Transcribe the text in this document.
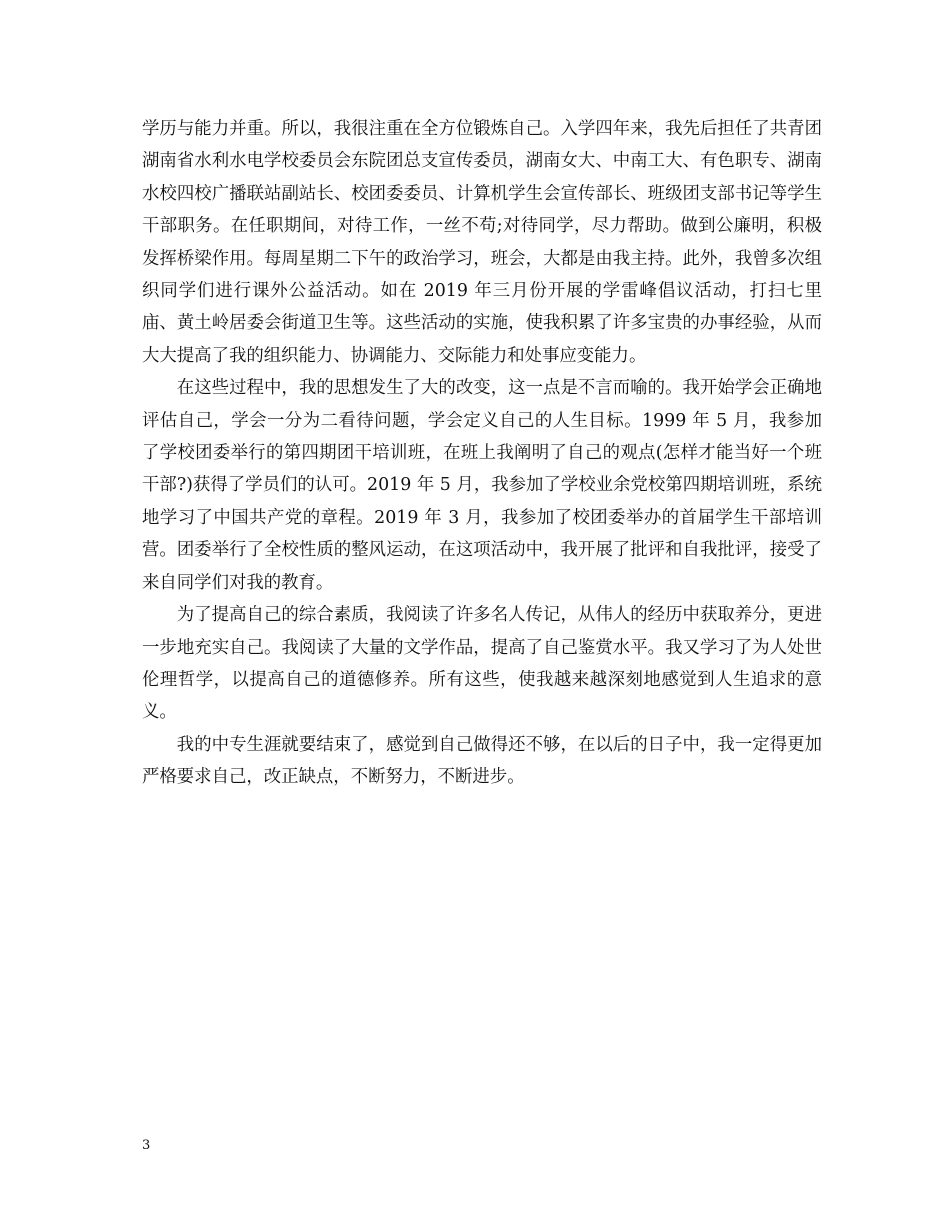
学历与能力并重。所以，我很注重在全方位锻炼自己。入学四年来，我先后担任了共青团湖南省水利水电学校委员会东院团总支宣传委员，湖南女大、中南工大、有色职专、湖南水校四校广播联站副站长、校团委委员、计算机学生会宣传部长、班级团支部书记等学生干部职务。在任职期间，对待工作，一丝不苟;对待同学，尽力帮助。做到公廉明，积极发挥桥梁作用。每周星期二下午的政治学习，班会，大都是由我主持。此外，我曾多次组织同学们进行课外公益活动。如在 2019 年三月份开展的学雷峰倡议活动，打扫七里庙、黄土岭居委会街道卫生等。这些活动的实施，使我积累了许多宝贵的办事经验，从而大大提高了我的组织能力、协调能力、交际能力和处事应变能力。

在这些过程中，我的思想发生了大的改变，这一点是不言而喻的。我开始学会正确地评估自己，学会一分为二看待问题，学会定义自己的人生目标。1999 年 5 月，我参加了学校团委举行的第四期团干培训班，在班上我阐明了自己的观点(怎样才能当好一个班干部?)获得了学员们的认可。2019 年 5 月，我参加了学校业余党校第四期培训班，系统地学习了中国共产党的章程。2019 年 3 月，我参加了校团委举办的首届学生干部培训营。团委举行了全校性质的整风运动，在这项活动中，我开展了批评和自我批评，接受了来自同学们对我的教育。

为了提高自己的综合素质，我阅读了许多名人传记，从伟人的经历中获取养分，更进一步地充实自己。我阅读了大量的文学作品，提高了自己鉴赏水平。我又学习了为人处世伦理哲学，以提高自己的道德修养。所有这些，使我越来越深刻地感觉到人生追求的意义。

我的中专生涯就要结束了，感觉到自己做得还不够，在以后的日子中，我一定得更加严格要求自己，改正缺点，不断努力，不断进步。

3
